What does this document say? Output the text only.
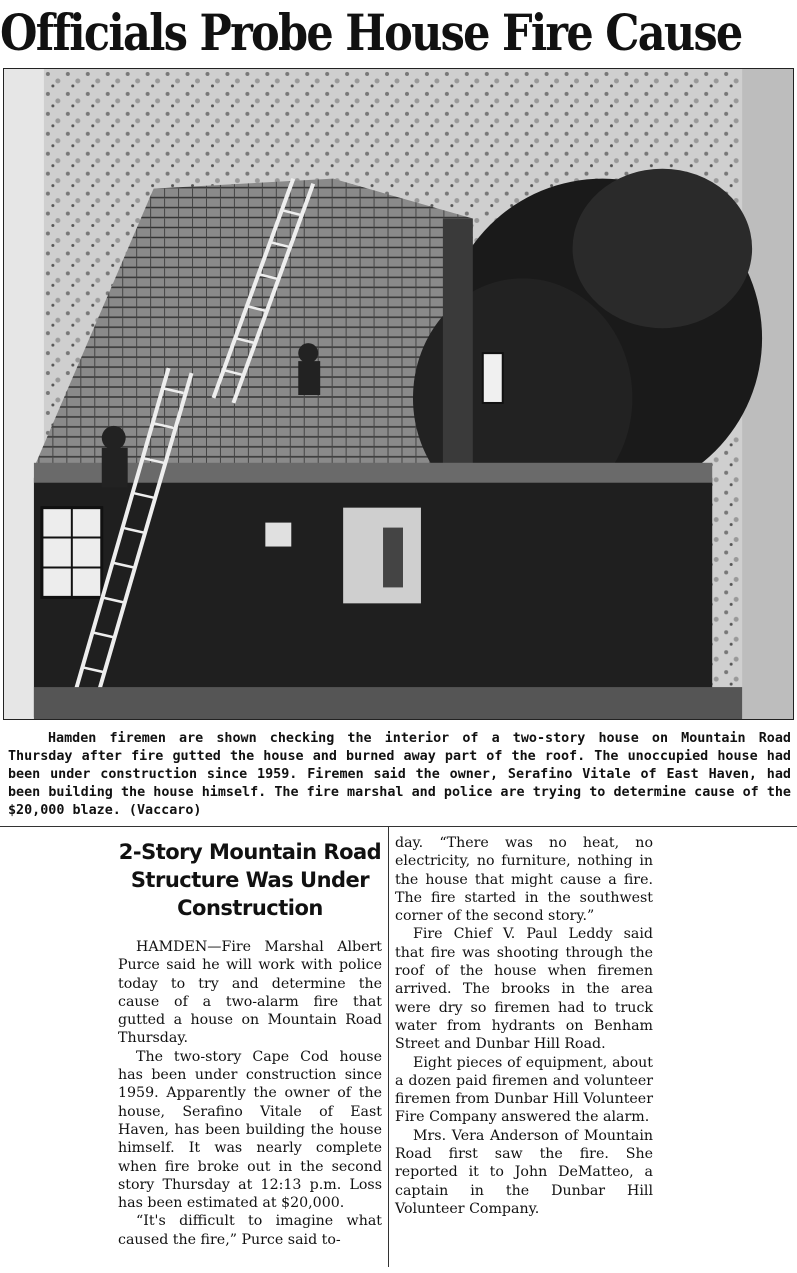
Officials Probe House Fire Cause
Hamden firemen are shown checking the interior of a two-story house on Mountain Road Thursday after fire gutted the house and burned away part of the roof. The unoccupied house had been under construction since 1959. Firemen said the owner, Serafino Vitale of East Haven, had been building the house himself. The fire marshal and police are trying to determine cause of the $20,000 blaze. (Vaccaro)
2-Story Mountain Road
Structure Was Under
Construction

HAMDEN—Fire Marshal Albert Purce said he will work with police today to try and determine the cause of a two-alarm fire that gutted a house on Mountain Road Thursday.

The two-story Cape Cod house has been under construction since 1959. Apparently the owner of the house, Serafino Vitale of East Haven, has been building the house himself. It was nearly complete when fire broke out in the second story Thursday at 12:13 p.m. Loss has been estimated at $20,000.

“It's difficult to imagine what caused the fire,” Purce said to-

day. “There was no heat, no electricity, no furniture, nothing in the house that might cause a fire. The fire started in the southwest corner of the second story.”

Fire Chief V. Paul Leddy said that fire was shooting through the roof of the house when firemen arrived. The brooks in the area were dry so firemen had to truck water from hydrants on Benham Street and Dunbar Hill Road.

Eight pieces of equipment, about a dozen paid firemen and volunteer firemen from Dunbar Hill Volunteer Fire Company answered the alarm.

Mrs. Vera Anderson of Mountain Road first saw the fire. She reported it to John DeMatteo, a captain in the Dunbar Hill Volunteer Company.
